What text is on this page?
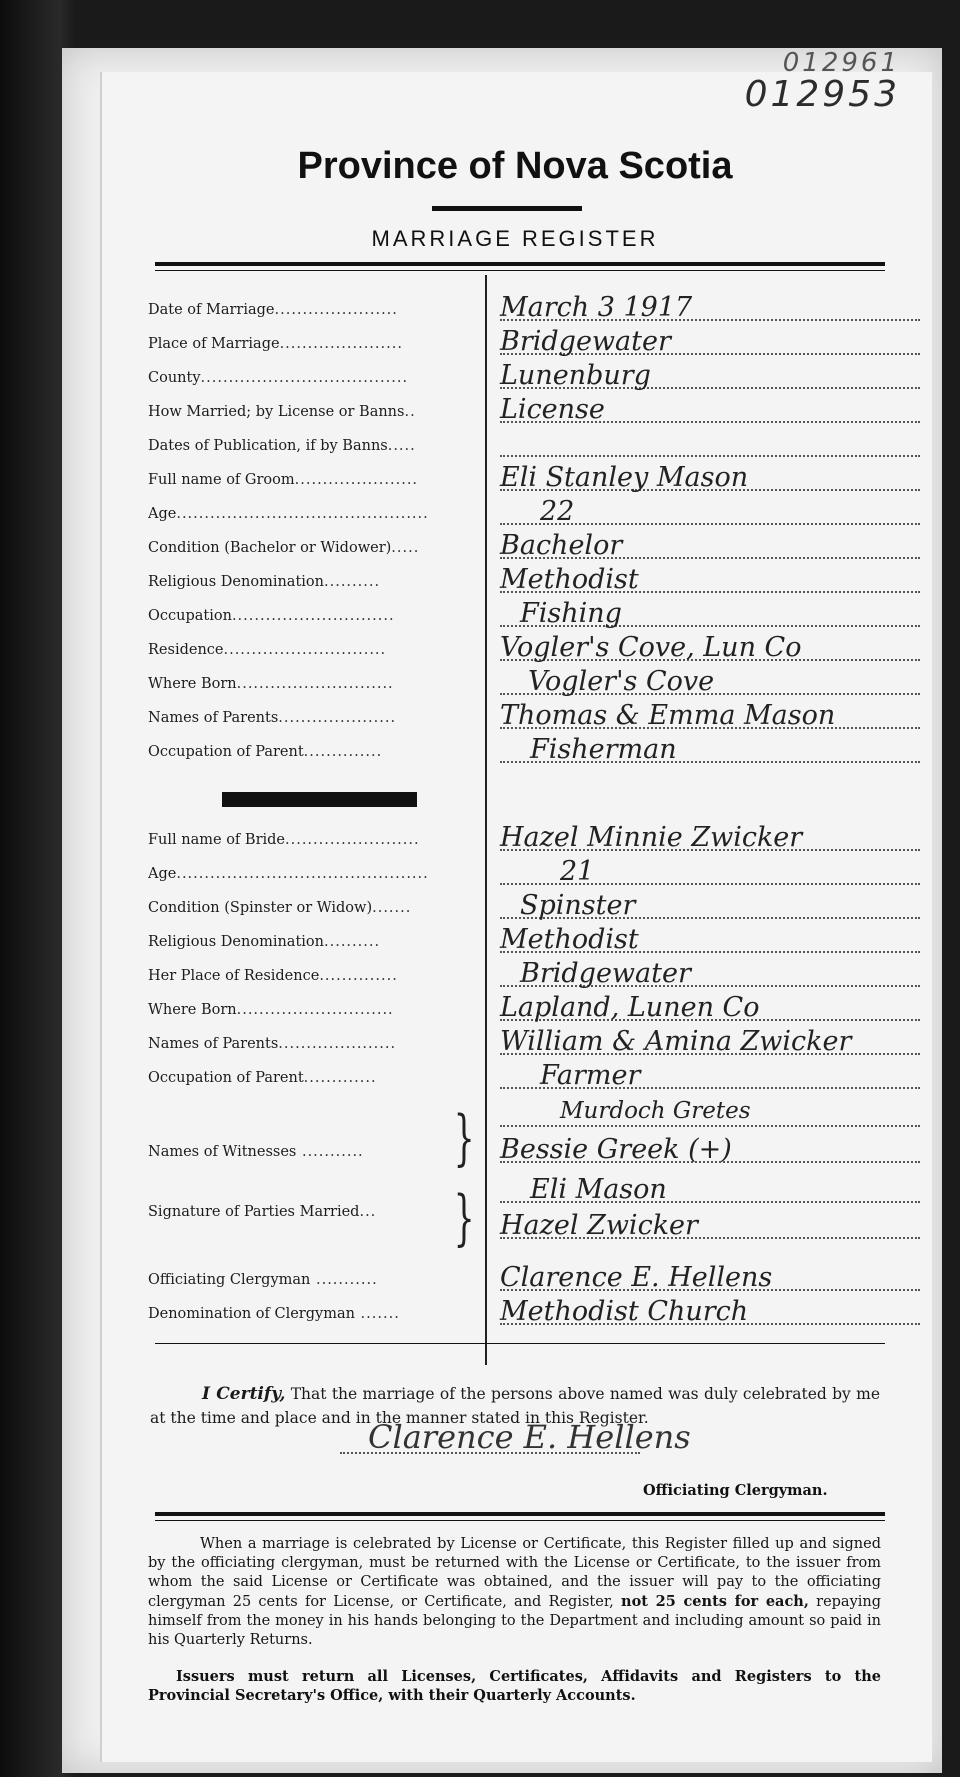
012961
012953
Province of Nova Scotia
MARRIAGE REGISTER
Date of Marriage......................	March 3 1917
Place of Marriage......................	Bridgewater
County.....................................	Lunenburg
How Married; by License or Banns..	License
Dates of Publication, if by Banns.....
Full name of Groom......................	Eli Stanley Mason
Age.............................................	22
Condition (Bachelor or Widower).....	Bachelor
Religious Denomination..........	Methodist
Occupation.............................	Fishing
Residence.............................	Vogler's Cove, Lun Co
Where Born............................	Vogler's Cove
Names of Parents.....................	Thomas & Emma Mason
Occupation of Parent..............	Fisherman
Full name of Bride........................	Hazel Minnie Zwicker
Age.............................................	21
Condition (Spinster or Widow).......	Spinster
Religious Denomination..........	Methodist
Her Place of Residence..............	Bridgewater
Where Born............................	Lapland, Lunen Co
Names of Parents.....................	William & Amina Zwicker
Occupation of Parent.............	Farmer
Murdoch Gretes
Names of Witnesses ...........	Bessie Greek (+)
}
Eli Mason
Signature of Parties Married...	Hazel Zwicker
}
Officiating Clergyman ...........	Clarence E. Hellens
Denomination of Clergyman .......	Methodist Church
I Certify, That the marriage of the persons above named was duly celebrated by me at the time and place and in the manner stated in this Register.
Clarence E. Hellens
Officiating Clergyman.
When a marriage is celebrated by License or Certificate, this Register filled up and signed by the officiating clergyman, must be returned with the License or Certificate, to the issuer from whom the said License or Certificate was obtained, and the issuer will pay to the officiating clergyman 25 cents for License, or Certificate, and Register, not 25 cents for each, repaying himself from the money in his hands belonging to the Department and including amount so paid in his Quarterly Returns.
Issuers must return all Licenses, Certificates, Affidavits and Registers to the Provincial Secretary's Office, with their Quarterly Accounts.
